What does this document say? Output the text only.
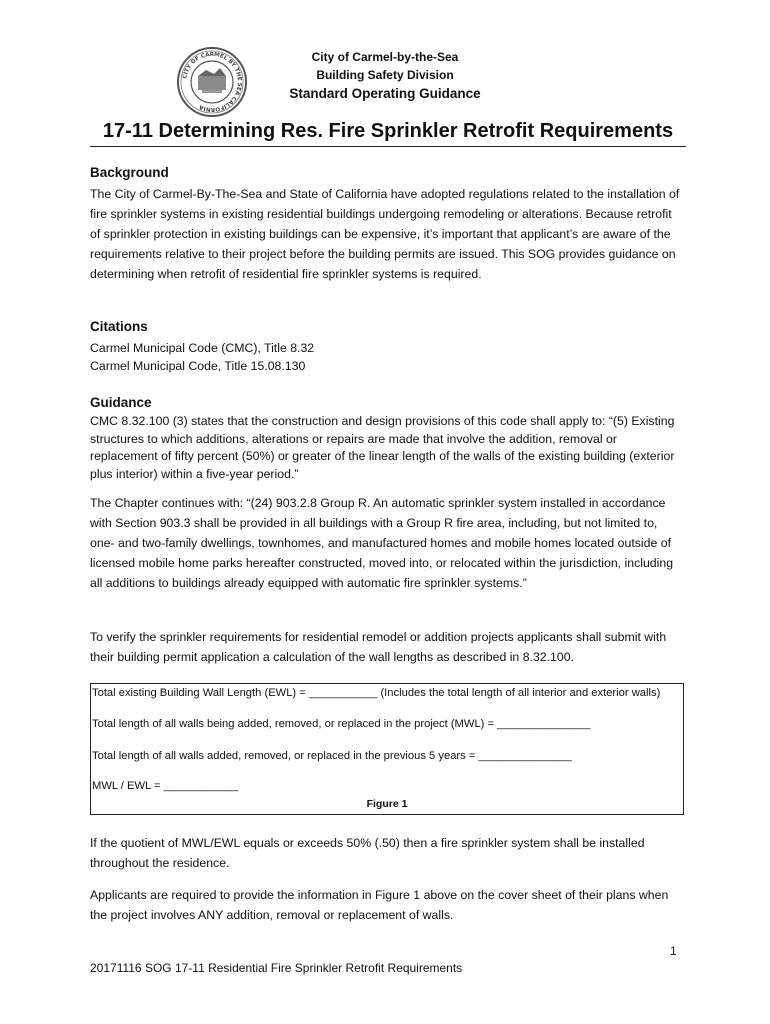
CITY OF CARMEL BY THE SEA CALIFORNIA
City of Carmel-by-the-Sea
Building Safety Division
Standard Operating Guidance
17-11 Determining Res. Fire Sprinkler Retrofit Requirements
Background
The City of Carmel-By-The-Sea and State of California have adopted regulations related to the installation of fire sprinkler systems in existing residential buildings undergoing remodeling or alterations. Because retrofit of sprinkler protection in existing buildings can be expensive, it’s important that applicant’s are aware of the requirements relative to their project before the building permits are issued. This SOG provides guidance on determining when retrofit of residential fire sprinkler systems is required.
Citations
Carmel Municipal Code (CMC), Title 8.32
Carmel Municipal Code, Title 15.08.130
Guidance
CMC 8.32.100 (3) states that the construction and design provisions of this code shall apply to: “(5) Existing structures to which additions, alterations or repairs are made that involve the addition, removal or replacement of fifty percent (50%) or greater of the linear length of the walls of the existing building (exterior plus interior) within a five-year period.”
The Chapter continues with: “(24) 903.2.8 Group R. An automatic sprinkler system installed in accordance with Section 903.3 shall be provided in all buildings with a Group R fire area, including, but not limited to, one- and two-family dwellings, townhomes, and manufactured homes and mobile homes located outside of licensed mobile home parks hereafter constructed, moved into, or relocated within the jurisdiction, including all additions to buildings already equipped with automatic fire sprinkler systems.”
To verify the sprinkler requirements for residential remodel or addition projects applicants shall submit with their building permit application a calculation of the wall lengths as described in 8.32.100.
Total existing Building Wall Length (EWL) = ___________ (Includes the total length of all interior and exterior walls)
Total length of all walls being added, removed, or replaced in the project (MWL) = _______________
Total length of all walls added, removed, or replaced in the previous 5 years = _______________
MWL / EWL = ____________
Figure 1
If the quotient of MWL/EWL equals or exceeds 50% (.50) then a fire sprinkler system shall be installed throughout the residence.
Applicants are required to provide the information in Figure 1 above on the cover sheet of their plans when the project involves ANY addition, removal or replacement of walls.
1
20171116 SOG 17-11 Residential Fire Sprinkler Retrofit Requirements
